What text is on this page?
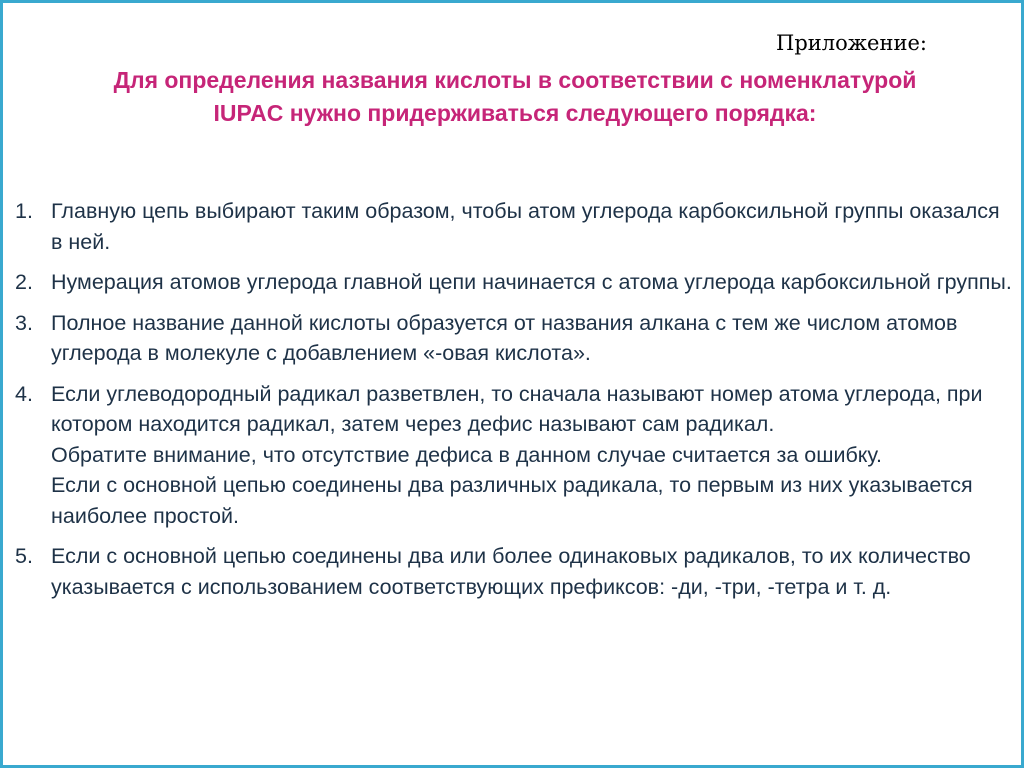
Приложение:
Для определения названия кислоты в соответствии с номенклатурой
IUPAC нужно придерживаться следующего порядка:
1. Главную цепь выбирают таким образом, чтобы атом углерода карбоксильной группы оказался в ней.
2. Нумерация атомов углерода главной цепи начинается с атома углерода карбоксильной группы.
3. Полное название данной кислоты образуется от названия алкана с тем же числом атомов углерода в молекуле с добавлением «-овая кислота».
4. Если углеводородный радикал разветвлен, то сначала называют номер атома углерода, при котором находится радикал, затем через дефис называют сам радикал.
Обратите внимание, что отсутствие дефиса в данном случае считается за ошибку.
Если с основной цепью соединены два различных радикала, то первым из них указывается наиболее простой.
5. Если с основной цепью соединены два или более одинаковых радикалов, то их количество указывается с использованием соответствующих префиксов: -ди, -три, -тетра и т. д.
